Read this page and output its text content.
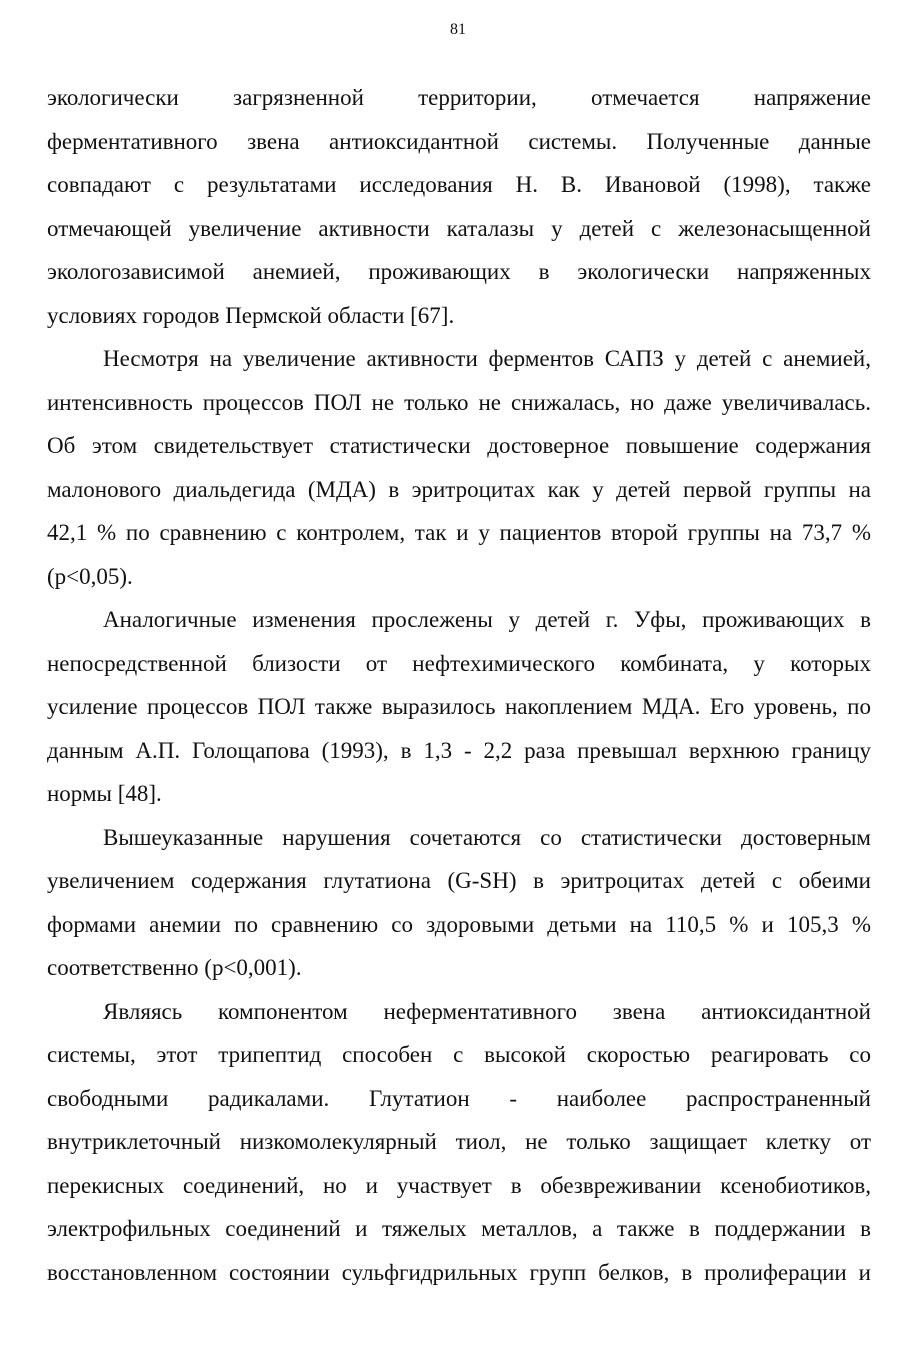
81
экологически загрязненной территории, отмечается напряжение
ферментативного звена антиоксидантной системы. Полученные данные
совпадают с результатами исследования Н. В. Ивановой (1998), также
отмечающей увеличение активности каталазы у детей с железонасыщенной
экологозависимой анемией, проживающих в экологически напряженных
условиях городов Пермской области [67].
Несмотря на увеличение активности ферментов САПЗ у детей с анемией,
интенсивность процессов ПОЛ не только не снижалась, но даже увеличивалась.
Об этом свидетельствует статистически достоверное повышение содержания
малонового диальдегида (МДА) в эритроцитах как у детей первой группы на
42,1 % по сравнению с контролем, так и у пациентов второй группы на 73,7 %
(р<0,05).
Аналогичные изменения прослежены у детей г. Уфы, проживающих в
непосредственной близости от нефтехимического комбината, у которых
усиление процессов ПОЛ также выразилось накоплением МДА. Его уровень, по
данным А.П. Голощапова (1993), в 1,3 - 2,2 раза превышал верхнюю границу
нормы [48].
Вышеуказанные нарушения сочетаются со статистически достоверным
увеличением содержания глутатиона (G-SH) в эритроцитах детей с обеими
формами анемии по сравнению со здоровыми детьми на 110,5 % и 105,3 %
соответственно (р<0,001).
Являясь компонентом неферментативного звена антиоксидантной
системы, этот трипептид способен с высокой скоростью реагировать со
свободными радикалами. Глутатион - наиболее распространенный
внутриклеточный низкомолекулярный тиол, не только защищает клетку от
перекисных соединений, но и участвует в обезвреживании ксенобиотиков,
электрофильных соединений и тяжелых металлов, а также в поддержании в
восстановленном состоянии сульфгидрильных групп белков, в пролиферации и
